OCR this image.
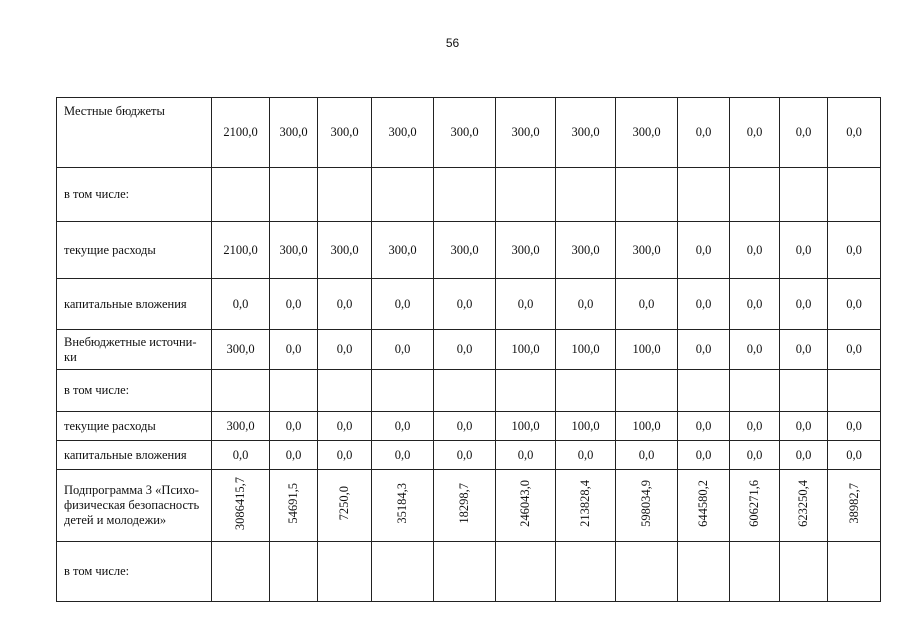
56
Местные бюджеты	2100,0	300,0	300,0	300,0	300,0	300,0	300,0	300,0	0,0	0,0	0,0	0,0
в том числе:												
текущие расходы	2100,0	300,0	300,0	300,0	300,0	300,0	300,0	300,0	0,0	0,0	0,0	0,0
капитальные вложения	0,0	0,0	0,0	0,0	0,0	0,0	0,0	0,0	0,0	0,0	0,0	0,0
Внебюджетные источни-ки	300,0	0,0	0,0	0,0	0,0	100,0	100,0	100,0	0,0	0,0	0,0	0,0
в том числе:												
текущие расходы	300,0	0,0	0,0	0,0	0,0	100,0	100,0	100,0	0,0	0,0	0,0	0,0
капитальные вложения	0,0	0,0	0,0	0,0	0,0	0,0	0,0	0,0	0,0	0,0	0,0	0,0
Подпрограмма 3 «Психо-физическая безопасность детей и молодежи»	3086415,7	54691,5	7250,0	35184,3	18298,7	246043,0	213828,4	598034,9	644580,2	606271,6	623250,4	38982,7
в том числе:												
